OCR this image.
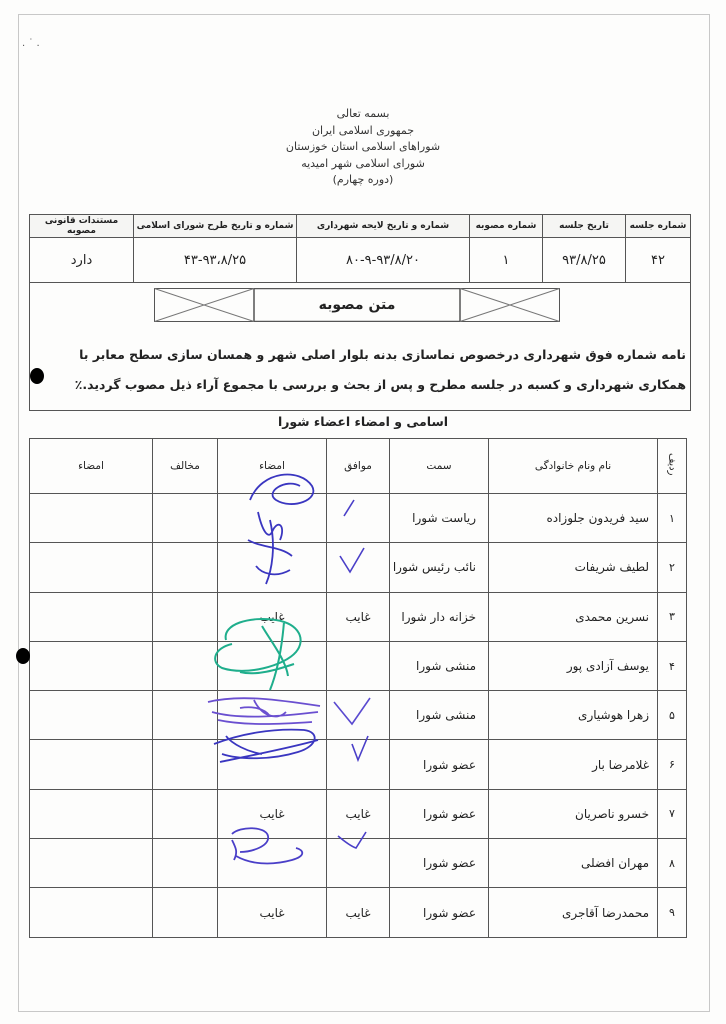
. ˙ .
بسمه تعالی
جمهوری اسلامی ایران
شوراهای اسلامی استان خوزستان
شورای اسلامی شهر امیدیه
(دوره چهارم)
شماره جلسه	تاریخ جلسه	شماره مصوبه	شماره و تاریخ لایحه شهرداری	شماره و تاریخ طرح شورای اسلامی	مستندات قانونی مصوبه
۴۲	۹۳/۸/۲۵	۱	۸۰-۹-۹۳/۸/۲۰	۴۳-۹۳،۸/۲۵	دارد
متن مصوبه
نامه شماره فوق شهرداری درخصوص نماسازی بدنه بلوار اصلی شهر و همسان سازی سطح معابر با همکاری شهرداری و کسبه در جلسه مطرح و پس از بحث و بررسی با مجموع آراء ذیل مصوب گردید.٪
اسامی و امضاء اعضاء شورا
ردیف	نام ونام خانوادگی	سمت	موافق	امضاء	مخالف	امضاء
۱	سید فریدون جلوزاده	ریاست شورا				
۲	لطیف شریفات	نائب رئیس شورا				
۳	نسرین محمدی	خزانه دار شورا	غایب	غایب		
۴	یوسف آزادی پور	منشی شورا				
۵	زهرا هوشیاری	منشی شورا				
۶	غلامرضا بار	عضو شورا				
۷	خسرو ناصریان	عضو شورا	غایب	غایب		
۸	مهران افضلی	عضو شورا				
۹	محمدرضا آقاجری	عضو شورا	غایب	غایب		
